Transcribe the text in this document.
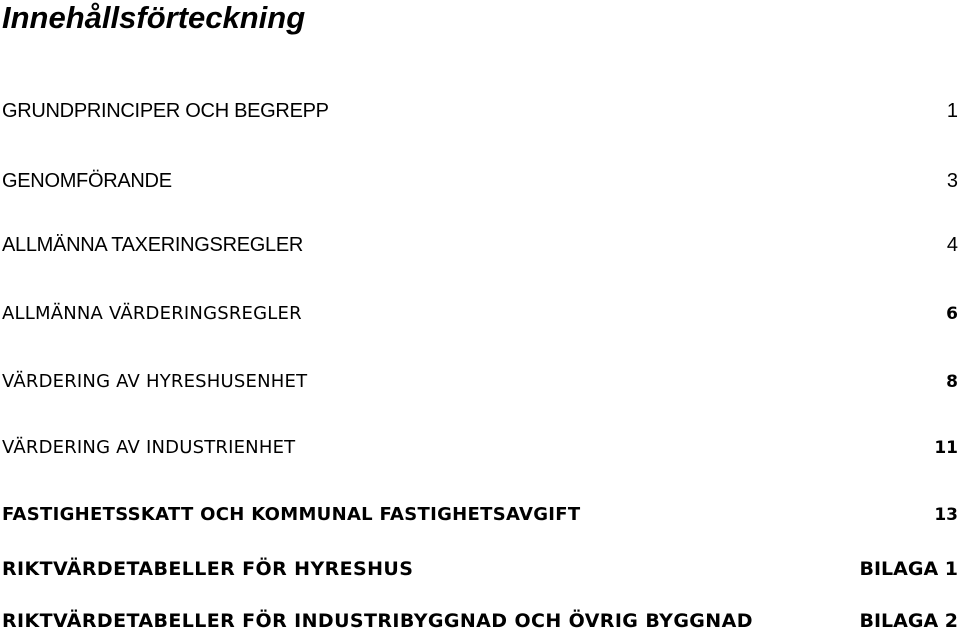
Innehållsförteckning
GRUNDPRINCIPER OCH BEGREPP	1
GENOMFÖRANDE	3
ALLMÄNNA TAXERINGSREGLER	4
ALLMÄNNA VÄRDERINGSREGLER	6
VÄRDERING AV HYRESHUSENHET	8
VÄRDERING AV INDUSTRIENHET	11
FASTIGHETSSKATT OCH KOMMUNAL FASTIGHETSAVGIFT	13
RIKTVÄRDETABELLER FÖR HYRESHUS	BILAGA 1
RIKTVÄRDETABELLER FÖR INDUSTRIBYGGNAD OCH ÖVRIG BYGGNAD	BILAGA 2
